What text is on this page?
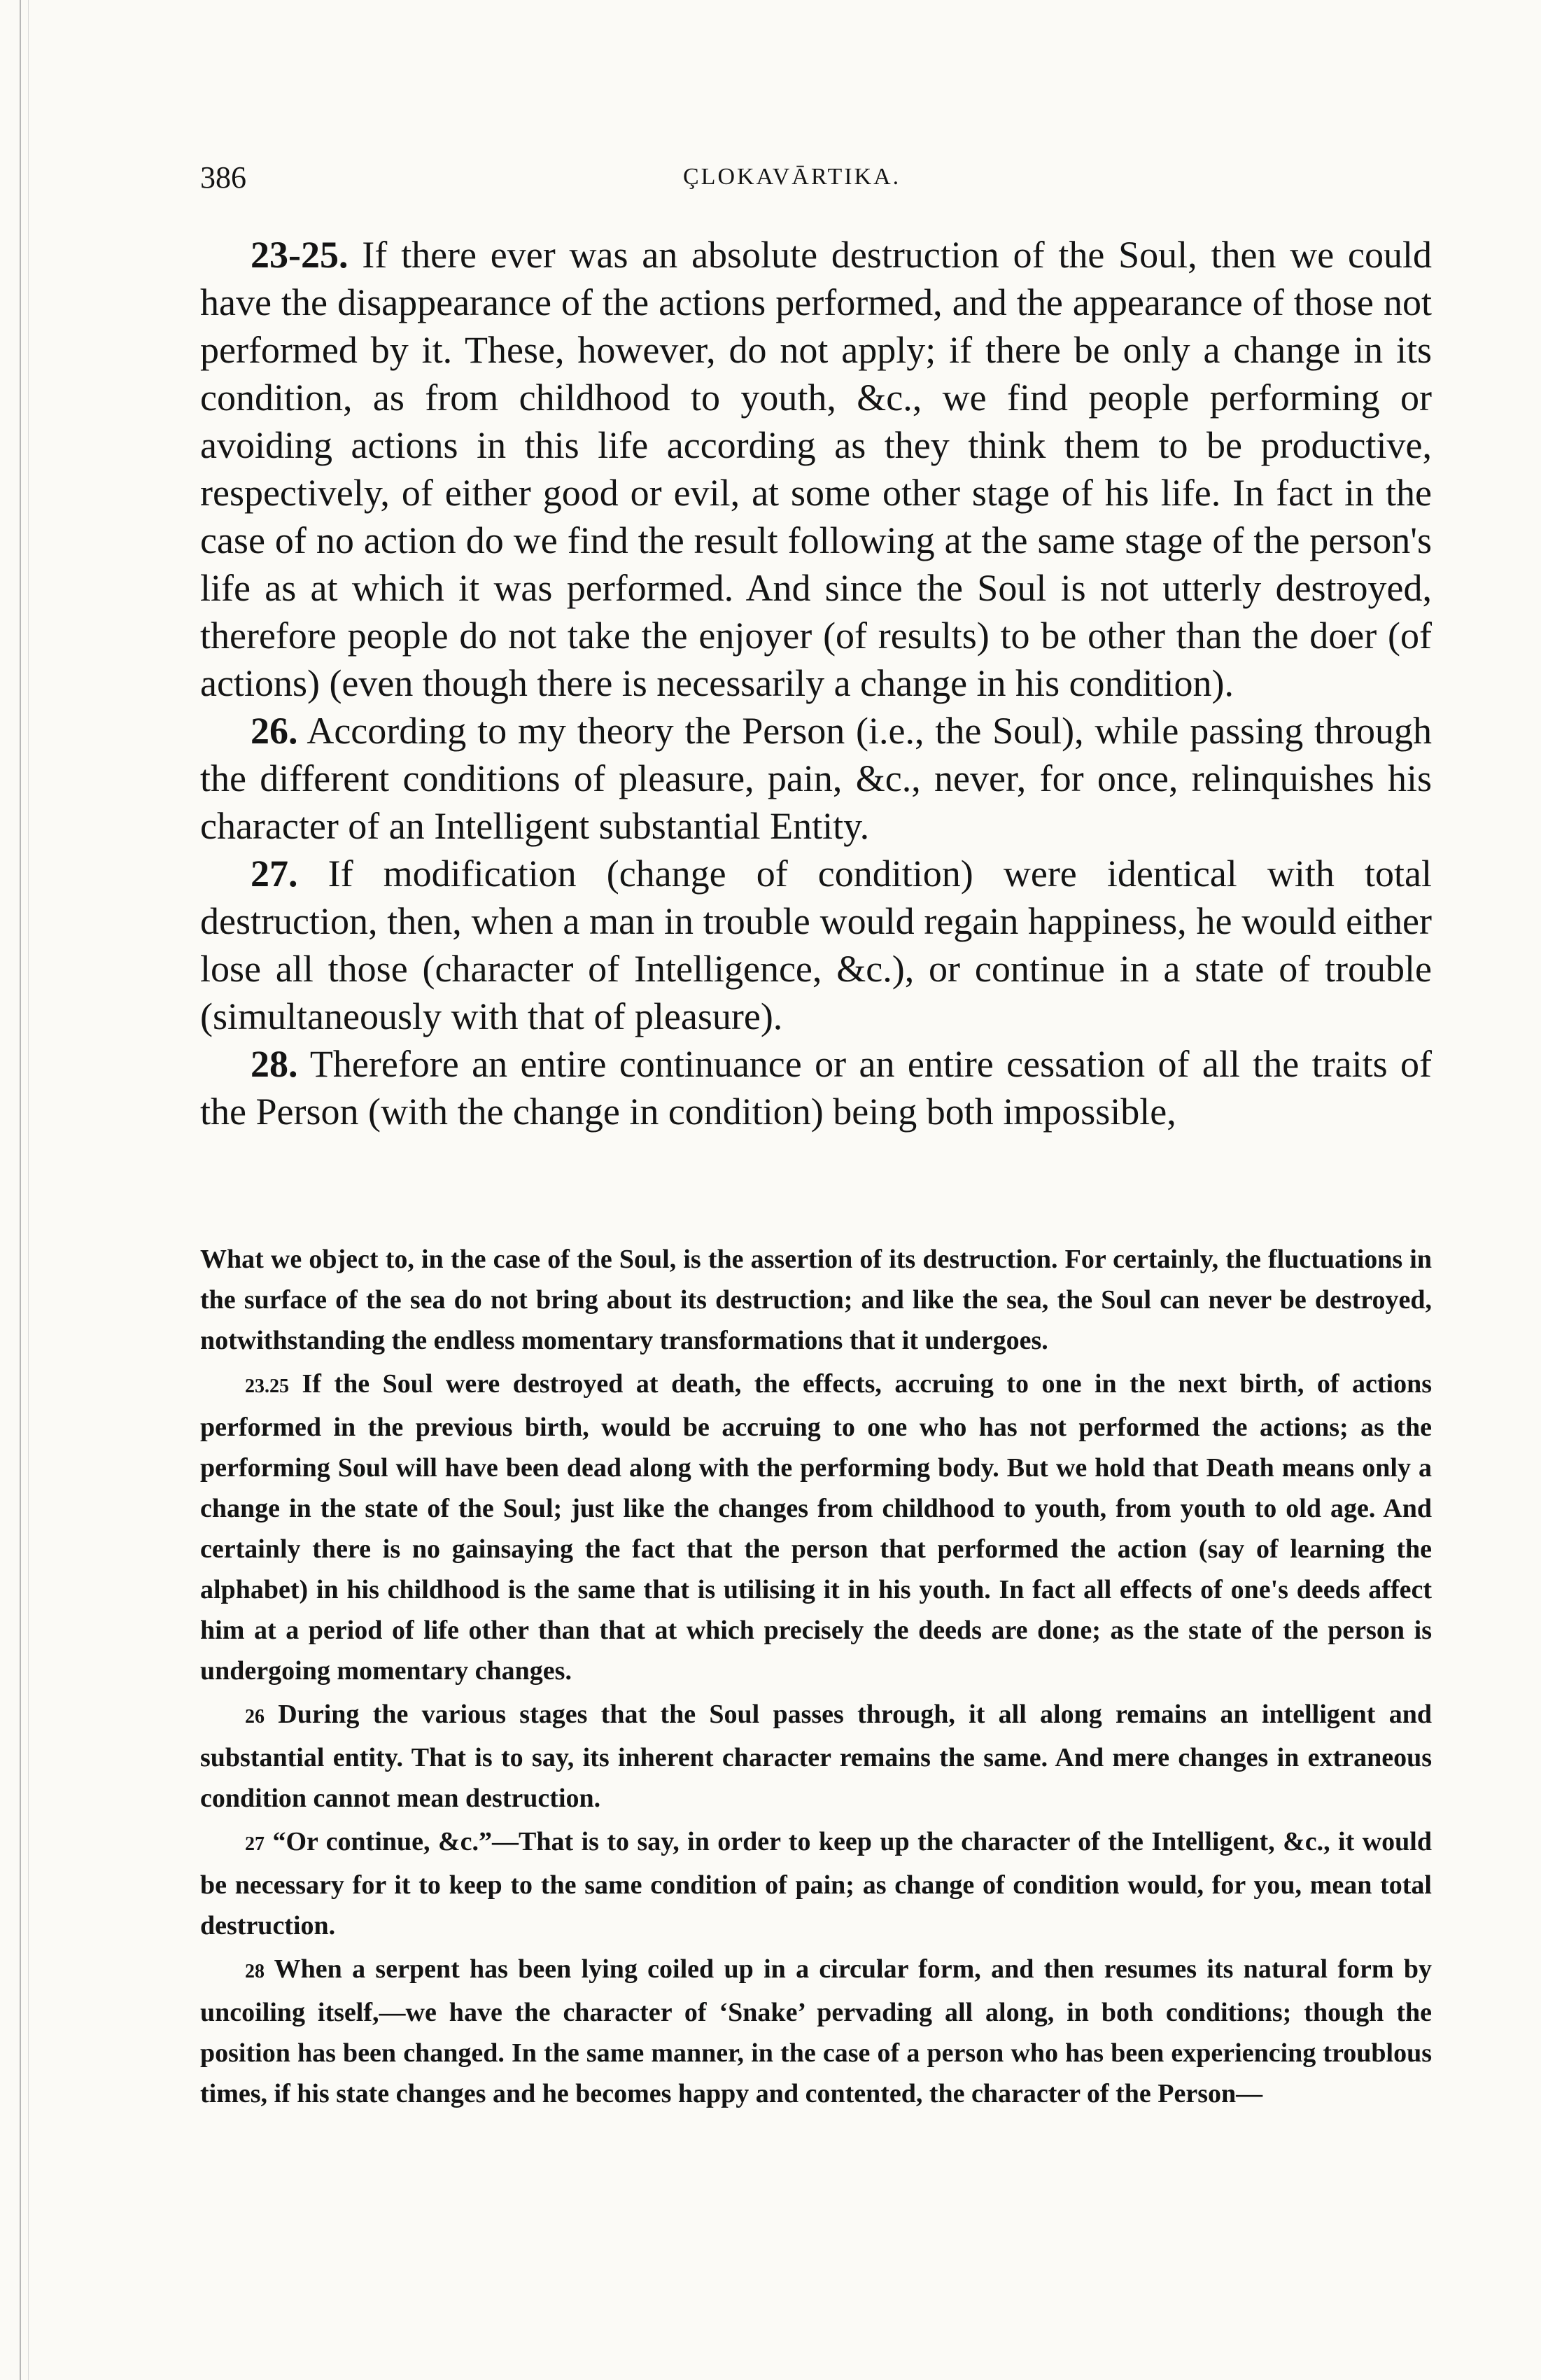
386	ÇLOKAVĀRTIKA.

23-25. If there ever was an absolute destruction of the Soul, then we could have the disappearance of the actions performed, and the appearance of those not performed by it. These, however, do not apply; if there be only a change in its condition, as from childhood to youth, &c., we find people performing or avoiding actions in this life according as they think them to be productive, respectively, of either good or evil, at some other stage of his life. In fact in the case of no action do we find the result following at the same stage of the person's life as at which it was performed. And since the Soul is not utterly destroyed, therefore people do not take the enjoyer (of results) to be other than the doer (of actions) (even though there is necessarily a change in his condition).

26. According to my theory the Person (i.e., the Soul), while passing through the different conditions of pleasure, pain, &c., never, for once, relinquishes his character of an Intelligent substantial Entity.

27. If modification (change of condition) were identical with total destruction, then, when a man in trouble would regain happiness, he would either lose all those (character of Intelligence, &c.), or continue in a state of trouble (simultaneously with that of pleasure).

28. Therefore an entire continuance or an entire cessation of all the traits of the Person (with the change in condition) being both impossible,

What we object to, in the case of the Soul, is the assertion of its destruction. For certainly, the fluctuations in the surface of the sea do not bring about its destruction; and like the sea, the Soul can never be destroyed, notwithstanding the endless momentary transformations that it undergoes.

23.25 If the Soul were destroyed at death, the effects, accruing to one in the next birth, of actions performed in the previous birth, would be accruing to one who has not performed the actions; as the performing Soul will have been dead along with the performing body. But we hold that Death means only a change in the state of the Soul; just like the changes from childhood to youth, from youth to old age. And certainly there is no gainsaying the fact that the person that performed the action (say of learning the alphabet) in his childhood is the same that is utilising it in his youth. In fact all effects of one's deeds affect him at a period of life other than that at which precisely the deeds are done; as the state of the person is undergoing momentary changes.

26 During the various stages that the Soul passes through, it all along remains an intelligent and substantial entity. That is to say, its inherent character remains the same. And mere changes in extraneous condition cannot mean destruction.

27 “Or continue, &c.”—That is to say, in order to keep up the character of the Intelligent, &c., it would be necessary for it to keep to the same condition of pain; as change of condition would, for you, mean total destruction.

28 When a serpent has been lying coiled up in a circular form, and then resumes its natural form by uncoiling itself,—we have the character of ‘Snake’ pervading all along, in both conditions; though the position has been changed. In the same manner, in the case of a person who has been experiencing troublous times, if his state changes and he becomes happy and contented, the character of the Person—
